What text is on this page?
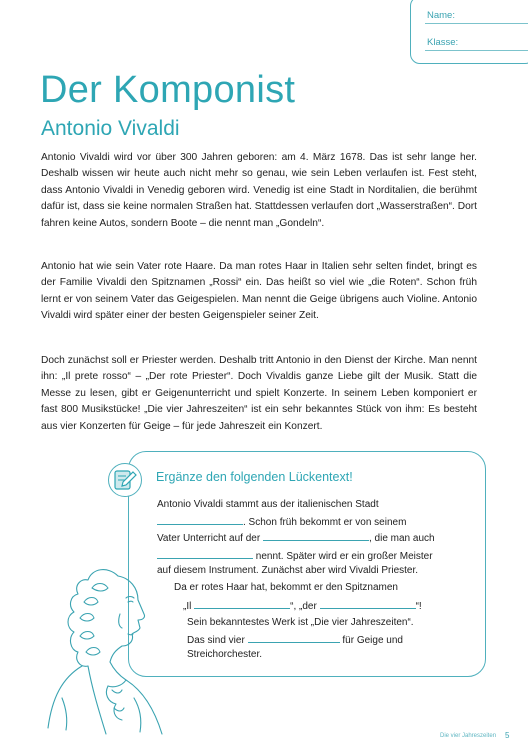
Name:
Klasse:
Der Komponist
Antonio Vivaldi

Antonio Vivaldi wird vor über 300 Jahren geboren: am 4. März 1678. Das ist sehr lange her. Deshalb wissen wir heute auch nicht mehr so genau, wie sein Leben verlaufen ist. Fest steht, dass Antonio Vivaldi in Venedig geboren wird. Venedig ist eine Stadt in Norditalien, die berühmt dafür ist, dass sie keine normalen Straßen hat. Stattdessen verlaufen dort „Wasserstraßen“. Dort fahren keine Autos, sondern Boote – die nennt man „Gondeln“.

Antonio hat wie sein Vater rote Haare. Da man rotes Haar in Italien sehr selten findet, bringt es der Familie Vivaldi den Spitznamen „Rossi“ ein. Das heißt so viel wie „die Roten“. Schon früh lernt er von seinem Vater das Geigespielen. Man nennt die Geige übrigens auch Violine. Antonio Vivaldi wird später einer der besten Geigenspieler seiner Zeit.

Doch zunächst soll er Priester werden. Deshalb tritt Antonio in den Dienst der Kirche. Man nennt ihn: „Il prete rosso“ – „Der rote Priester“. Doch Vivaldis ganze Liebe gilt der Musik. Statt die Messe zu lesen, gibt er Geigenunterricht und spielt Konzerte. In seinem Leben komponiert er fast 800 Musikstücke! „Die vier Jahreszeiten“ ist ein sehr bekanntes Stück von ihm: Es besteht aus vier Konzerten für Geige – für jede Jahreszeit ein Konzert.

Ergänze den folgenden Lückentext!
Antonio Vivaldi stammt aus der italienischen Stadt
. Schon früh bekommt er von seinem
Vater Unterricht auf der	, die man auch
nennt. Später wird er ein großer Meister
auf diesem Instrument. Zunächst aber wird Vivaldi Priester.
Da er rotes Haar hat, bekommt er den Spitznamen
„Il	“, „der	“!
Sein bekanntestes Werk ist „Die vier Jahreszeiten“.
Das sind vier	für Geige und
Streichorchester.
Die vier Jahreszeiten 5
